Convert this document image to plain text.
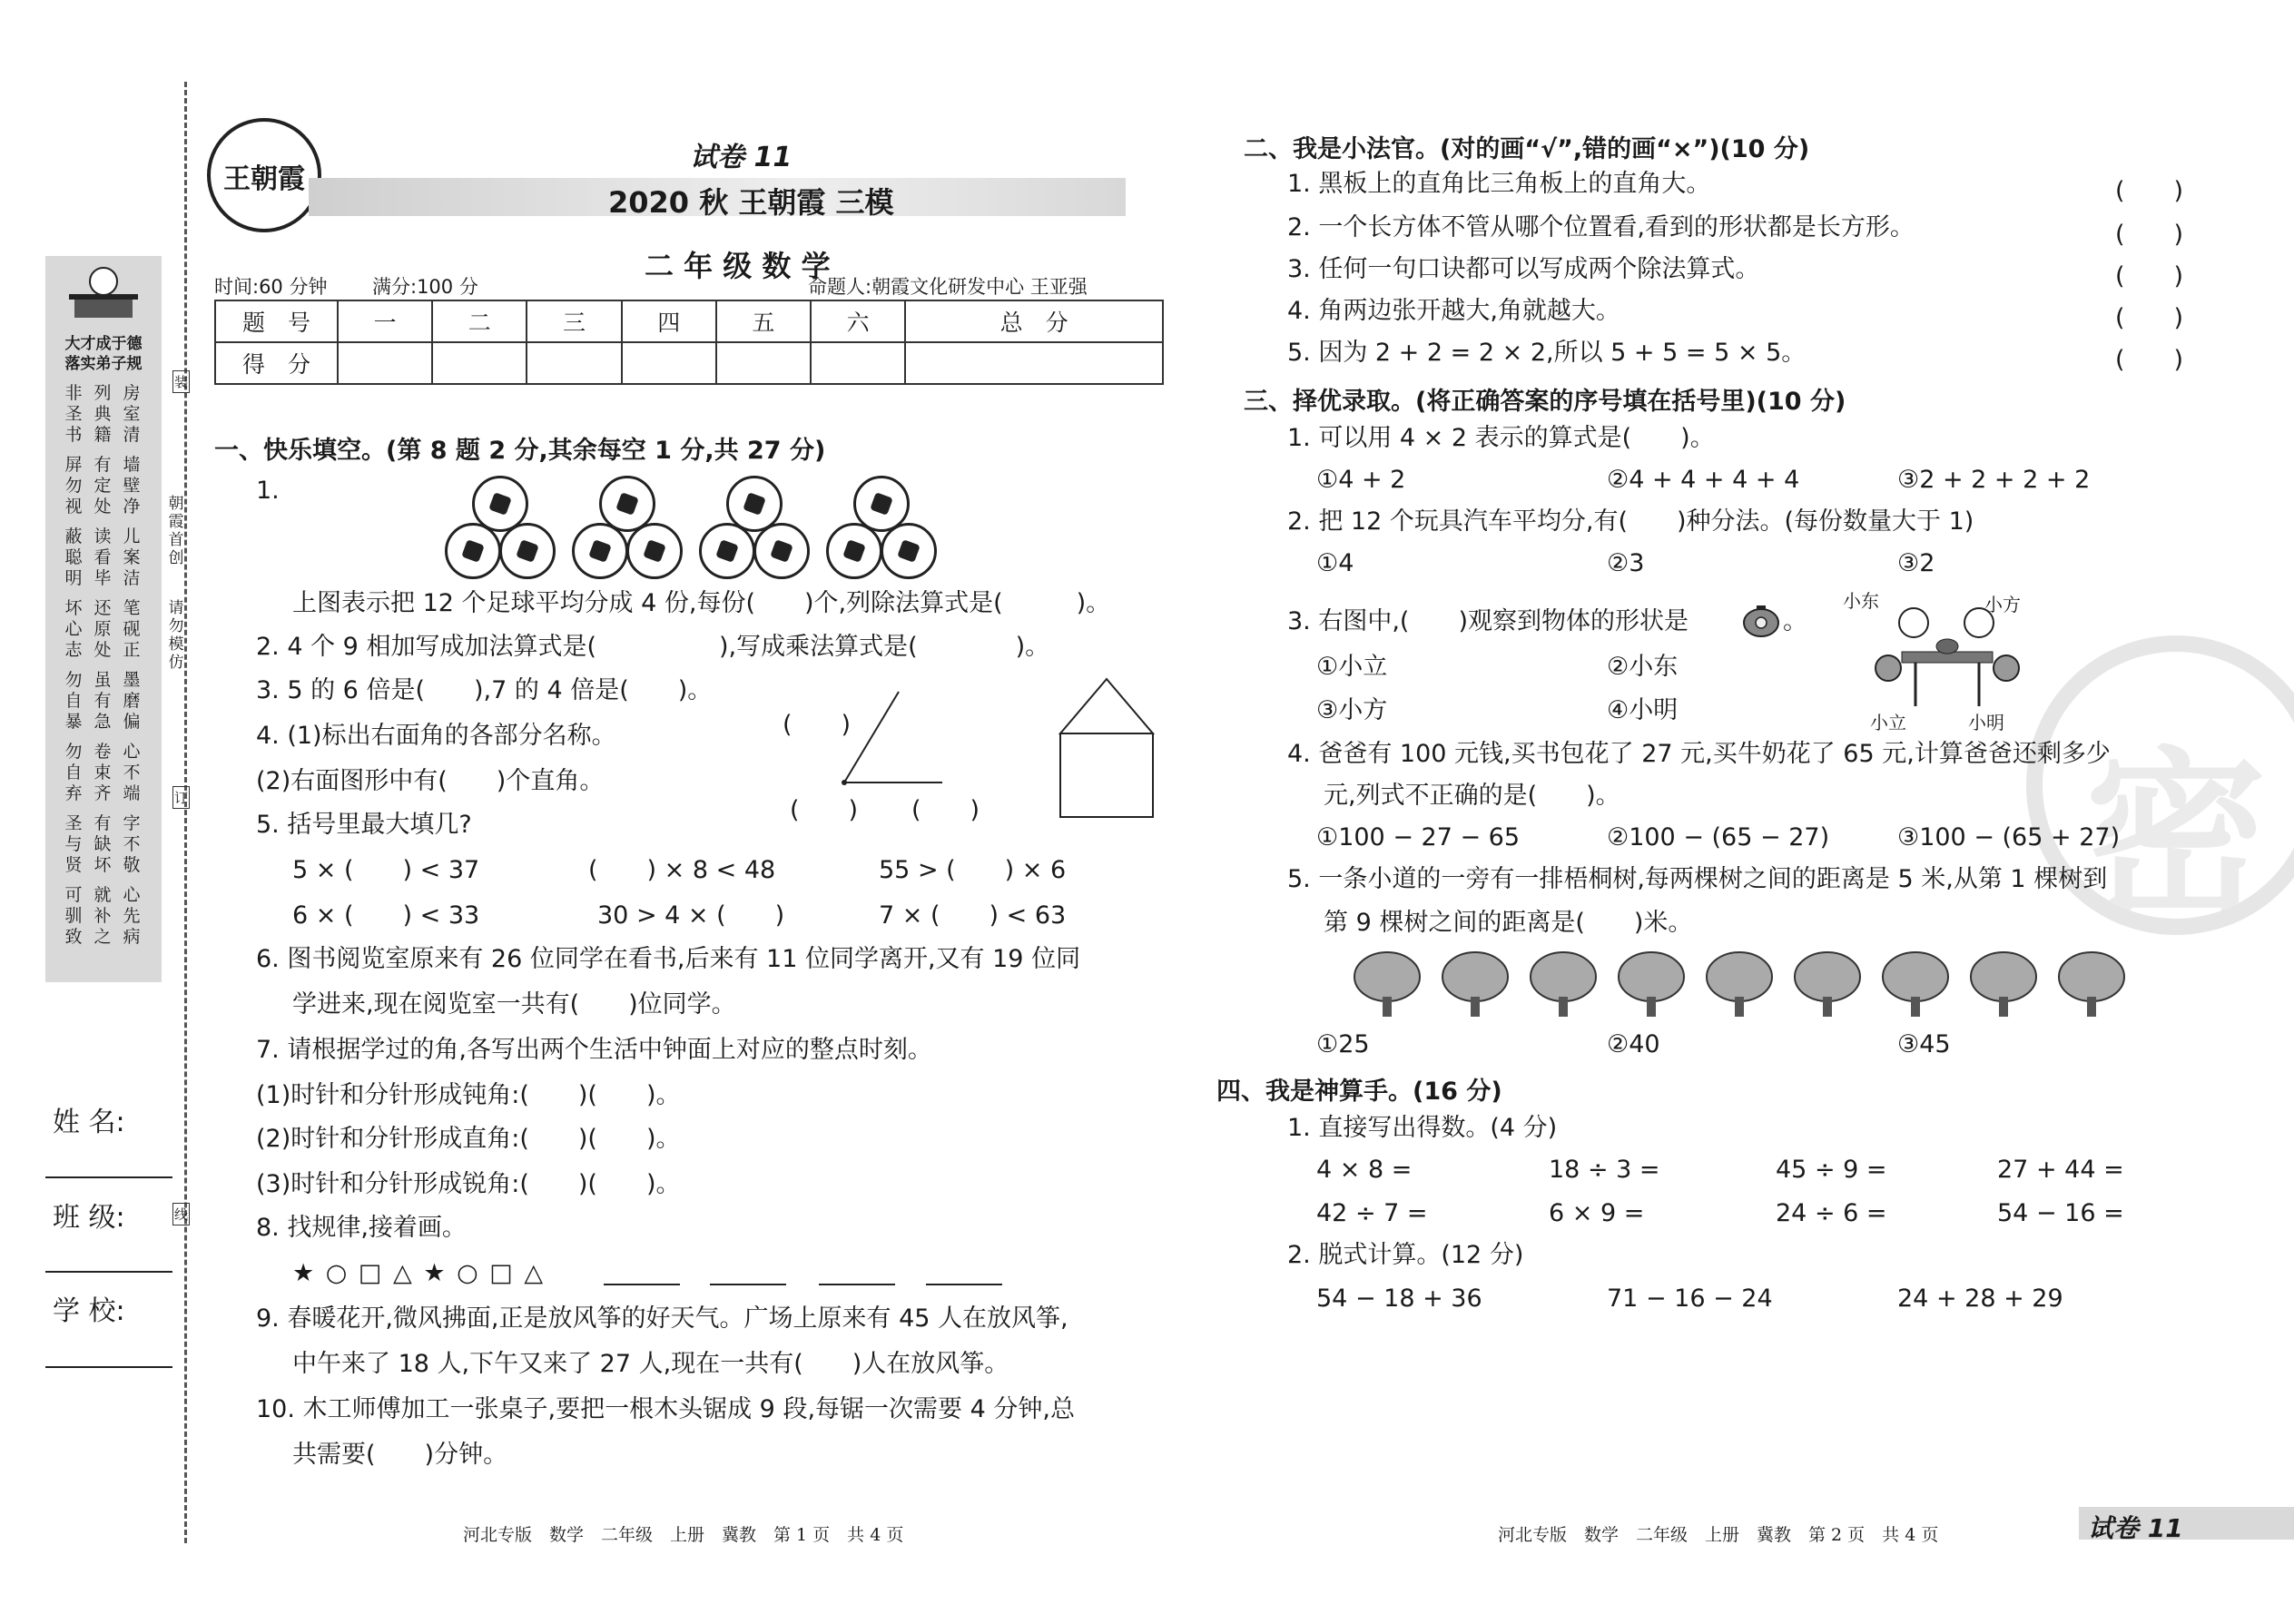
大才成于德
落实弟子规
房室清
列典籍
非圣书
墙壁净
有定处
屏勿视
儿案洁
读看毕
蔽聪明
笔砚正
还原处
坏心志
墨磨偏
虽有急
勿自暴
心不端
卷束齐
勿自弃
字不敬
有缺坏
圣与贤
心先病
就补之
可驯致
朝霞首创
请勿模仿
装
订
线
姓 名:
班 级:
学 校:
王朝霞
试卷 11
2020 秋 王朝霞 三模
二 年 级 数 学
时间:60 分钟 满分:100 分	命题人:朝霞文化研发中心 王亚强
题　号	一	二	三	四	五	六	总　分
得　分							
一、快乐填空。(第 8 题 2 分,其余每空 1 分,共 27 分)
1.
上图表示把 12 个足球平均分成 4 份,每份(　　)个,列除法算式是(　　　)。
2. 4 个 9 相加写成加法算式是(　　　　　),写成乘法算式是(　　　　)。
3. 5 的 6 倍是(　　),7 的 4 倍是(　　)。
4. (1)标出右面角的各部分名称。
(2)右面图形中有(　　)个直角。
(　　)
(　　) (　　)
5. 括号里最大填几?
5 × (　　) < 37	(　　) × 8 < 48	55 > (　　) × 6
6 × (　　) < 33	30 > 4 × (　　)	7 × (　　) < 63
6. 图书阅览室原来有 26 位同学在看书,后来有 11 位同学离开,又有 19 位同
学进来,现在阅览室一共有(　　)位同学。
7. 请根据学过的角,各写出两个生活中钟面上对应的整点时刻。
(1)时针和分针形成钝角:(　　)(　　)。
(2)时针和分针形成直角:(　　)(　　)。
(3)时针和分针形成锐角:(　　)(　　)。
8. 找规律,接着画。
★ ○ □ △ ★ ○ □ △
9. 春暖花开,微风拂面,正是放风筝的好天气。广场上原来有 45 人在放风筝,
中午来了 18 人,下午又来了 27 人,现在一共有(　　)人在放风筝。
10. 木工师傅加工一张桌子,要把一根木头锯成 9 段,每锯一次需要 4 分钟,总
共需要(　　)分钟。
河北专版　数学　二年级　上册　冀教　第 1 页　共 4 页
密
二、我是小法官。(对的画“√”,错的画“×”)(10 分)
1. 黑板上的直角比三角板上的直角大。
2. 一个长方体不管从哪个位置看,看到的形状都是长方形。
3. 任何一句口诀都可以写成两个除法算式。
4. 角两边张开越大,角就越大。
5. 因为 2 + 2 = 2 × 2,所以 5 + 5 = 5 × 5。
(　　)
(　　)
(　　)
(　　)
(　　)
三、择优录取。(将正确答案的序号填在括号里)(10 分)
1. 可以用 4 × 2 表示的算式是(　　)。
①4 + 2	②4 + 4 + 4 + 4	③2 + 2 + 2 + 2
2. 把 12 个玩具汽车平均分,有(　　)种分法。(每份数量大于 1)
①4	②3	③2
3. 右图中,(　　)观察到物体的形状是	。
小东	小方
小立	小明
①小立	②小东
③小方	④小明
4. 爸爸有 100 元钱,买书包花了 27 元,买牛奶花了 65 元,计算爸爸还剩多少
元,列式不正确的是(　　)。
①100 − 27 − 65	②100 − (65 − 27)	③100 − (65 + 27)
5. 一条小道的一旁有一排梧桐树,每两棵树之间的距离是 5 米,从第 1 棵树到
第 9 棵树之间的距离是(　　)米。
①25	②40	③45
四、我是神算手。(16 分)
1. 直接写出得数。(4 分)
4 × 8 =	18 ÷ 3 =	45 ÷ 9 =	27 + 44 =
42 ÷ 7 =	6 × 9 =	24 ÷ 6 =	54 − 16 =
2. 脱式计算。(12 分)
54 − 18 + 36	71 − 16 − 24	24 + 28 + 29
河北专版　数学　二年级　上册　冀教　第 2 页　共 4 页	试卷 11
